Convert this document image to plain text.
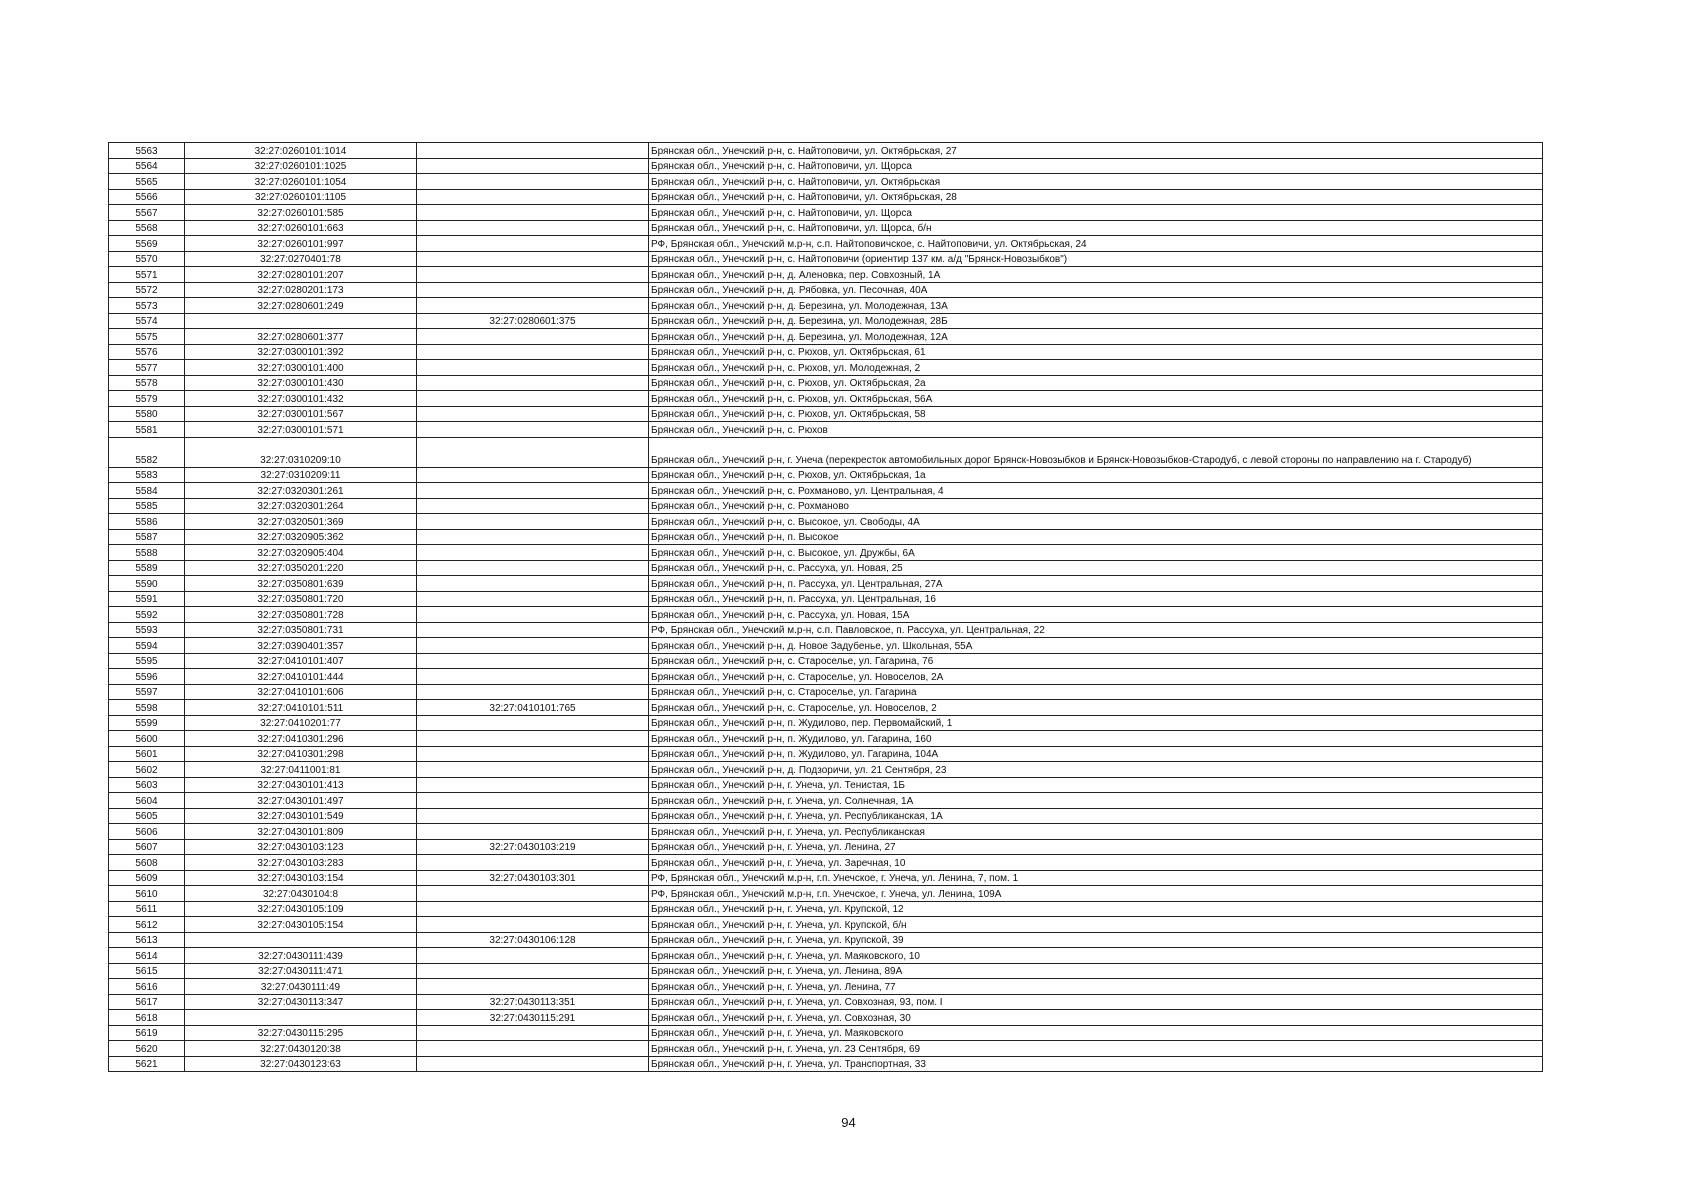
5563	32:27:0260101:1014		Брянская обл., Унечский р-н, с. Найтоповичи, ул. Октябрьская, 27
5564	32:27:0260101:1025		Брянская обл., Унечский р-н, с. Найтоповичи, ул. Щорса
5565	32:27:0260101:1054		Брянская обл., Унечский р-н, с. Найтоповичи, ул. Октябрьская
5566	32:27:0260101:1105		Брянская обл., Унечский р-н, с. Найтоповичи, ул. Октябрьская, 28
5567	32:27:0260101:585		Брянская обл., Унечский р-н, с. Найтоповичи, ул. Щорса
5568	32:27:0260101:663		Брянская обл., Унечский р-н, с. Найтоповичи, ул. Щорса, б/н
5569	32:27:0260101:997		РФ, Брянская обл., Унечский м.р-н, с.п. Найтоповичское, с. Найтоповичи, ул. Октябрьская, 24
5570	32:27:0270401:78		Брянская обл., Унечский р-н, с. Найтоповичи (ориентир 137 км. а/д "Брянск-Новозыбков")
5571	32:27:0280101:207		Брянская обл., Унечский р-н, д. Аленовка, пер. Совхозный, 1А
5572	32:27:0280201:173		Брянская обл., Унечский р-н, д. Рябовка, ул. Песочная, 40А
5573	32:27:0280601:249		Брянская обл., Унечский р-н, д. Березина, ул. Молодежная, 13А
5574		32:27:0280601:375	Брянская обл., Унечский р-н, д. Березина, ул. Молодежная, 28Б
5575	32:27:0280601:377		Брянская обл., Унечский р-н, д. Березина, ул. Молодежная, 12А
5576	32:27:0300101:392		Брянская обл., Унечский р-н, с. Рюхов, ул. Октябрьская, 61
5577	32:27:0300101:400		Брянская обл., Унечский р-н, с. Рюхов, ул. Молодежная, 2
5578	32:27:0300101:430		Брянская обл., Унечский р-н, с. Рюхов, ул. Октябрьская, 2а
5579	32:27:0300101:432		Брянская обл., Унечский р-н, с. Рюхов, ул. Октябрьская, 56А
5580	32:27:0300101:567		Брянская обл., Унечский р-н, с. Рюхов, ул. Октябрьская, 58
5581	32:27:0300101:571		Брянская обл., Унечский р-н, с. Рюхов
5582	32:27:0310209:10		Брянская обл., Унечский р-н, г. Унеча (перекресток автомобильных дорог Брянск-Новозыбков и Брянск-Новозыбков-Стародуб, с левой стороны по направлению на г. Стародуб)
5583	32:27:0310209:11		Брянская обл., Унечский р-н, с. Рюхов, ул. Октябрьская, 1а
5584	32:27:0320301:261		Брянская обл., Унечский р-н, с. Рохманово, ул. Центральная, 4
5585	32:27:0320301:264		Брянская обл., Унечский р-н, с. Рохманово
5586	32:27:0320501:369		Брянская обл., Унечский р-н, с. Высокое, ул. Свободы, 4А
5587	32:27:0320905:362		Брянская обл., Унечский р-н, п. Высокое
5588	32:27:0320905:404		Брянская обл., Унечский р-н, с. Высокое, ул. Дружбы, 6А
5589	32:27:0350201:220		Брянская обл., Унечский р-н, с. Рассуха, ул. Новая, 25
5590	32:27:0350801:639		Брянская обл., Унечский р-н, п. Рассуха, ул. Центральная, 27А
5591	32:27:0350801:720		Брянская обл., Унечский р-н, п. Рассуха, ул. Центральная, 16
5592	32:27:0350801:728		Брянская обл., Унечский р-н, с. Рассуха, ул. Новая, 15А
5593	32:27:0350801:731		РФ, Брянская обл., Унечский м.р-н, с.п. Павловское, п. Рассуха, ул. Центральная, 22
5594	32:27:0390401:357		Брянская обл., Унечский р-н, д. Новое Задубенье, ул. Школьная, 55А
5595	32:27:0410101:407		Брянская обл., Унечский р-н, с. Староселье, ул. Гагарина, 76
5596	32:27:0410101:444		Брянская обл., Унечский р-н, с. Староселье, ул. Новоселов, 2А
5597	32:27:0410101:606		Брянская обл., Унечский р-н, с. Староселье, ул. Гагарина
5598	32:27:0410101:511	32:27:0410101:765	Брянская обл., Унечский р-н, с. Староселье, ул. Новоселов, 2
5599	32:27:0410201:77		Брянская обл., Унечский р-н, п. Жудилово, пер. Первомайский, 1
5600	32:27:0410301:296		Брянская обл., Унечский р-н, п. Жудилово, ул. Гагарина, 160
5601	32:27:0410301:298		Брянская обл., Унечский р-н, п. Жудилово, ул. Гагарина, 104А
5602	32:27:0411001:81		Брянская обл., Унечский р-н, д. Подзоричи, ул. 21 Сентября, 23
5603	32:27:0430101:413		Брянская обл., Унечский р-н, г. Унеча, ул. Тенистая, 1Б
5604	32:27:0430101:497		Брянская обл., Унечский р-н, г. Унеча, ул. Солнечная, 1А
5605	32:27:0430101:549		Брянская обл., Унечский р-н, г. Унеча, ул. Республиканская, 1А
5606	32:27:0430101:809		Брянская обл., Унечский р-н, г. Унеча, ул. Республиканская
5607	32:27:0430103:123	32:27:0430103:219	Брянская обл., Унечский р-н, г. Унеча, ул. Ленина, 27
5608	32:27:0430103:283		Брянская обл., Унечский р-н, г. Унеча, ул. Заречная, 10
5609	32:27:0430103:154	32:27:0430103:301	РФ, Брянская обл., Унечский м.р-н, г.п. Унечское, г. Унеча, ул. Ленина, 7, пом. 1
5610	32:27:0430104:8		РФ, Брянская обл., Унечский м.р-н, г.п. Унечское, г. Унеча, ул. Ленина, 109А
5611	32:27:0430105:109		Брянская обл., Унечский р-н, г. Унеча, ул. Крупской, 12
5612	32:27:0430105:154		Брянская обл., Унечский р-н, г. Унеча, ул. Крупской, б/н
5613		32:27:0430106:128	Брянская обл., Унечский р-н, г. Унеча, ул. Крупской, 39
5614	32:27:0430111:439		Брянская обл., Унечский р-н, г. Унеча, ул. Маяковского, 10
5615	32:27:0430111:471		Брянская обл., Унечский р-н, г. Унеча, ул. Ленина, 89А
5616	32:27:0430111:49		Брянская обл., Унечский р-н, г. Унеча, ул. Ленина, 77
5617	32:27:0430113:347	32:27:0430113:351	Брянская обл., Унечский р-н, г. Унеча, ул. Совхозная, 93, пом. I
5618		32:27:0430115:291	Брянская обл., Унечский р-н, г. Унеча, ул. Совхозная, 30
5619	32:27:0430115:295		Брянская обл., Унечский р-н, г. Унеча, ул. Маяковского
5620	32:27:0430120:38		Брянская обл., Унечский р-н, г. Унеча, ул. 23 Сентября, 69
5621	32:27:0430123:63		Брянская обл., Унечский р-н, г. Унеча, ул. Транспортная, 33
94
